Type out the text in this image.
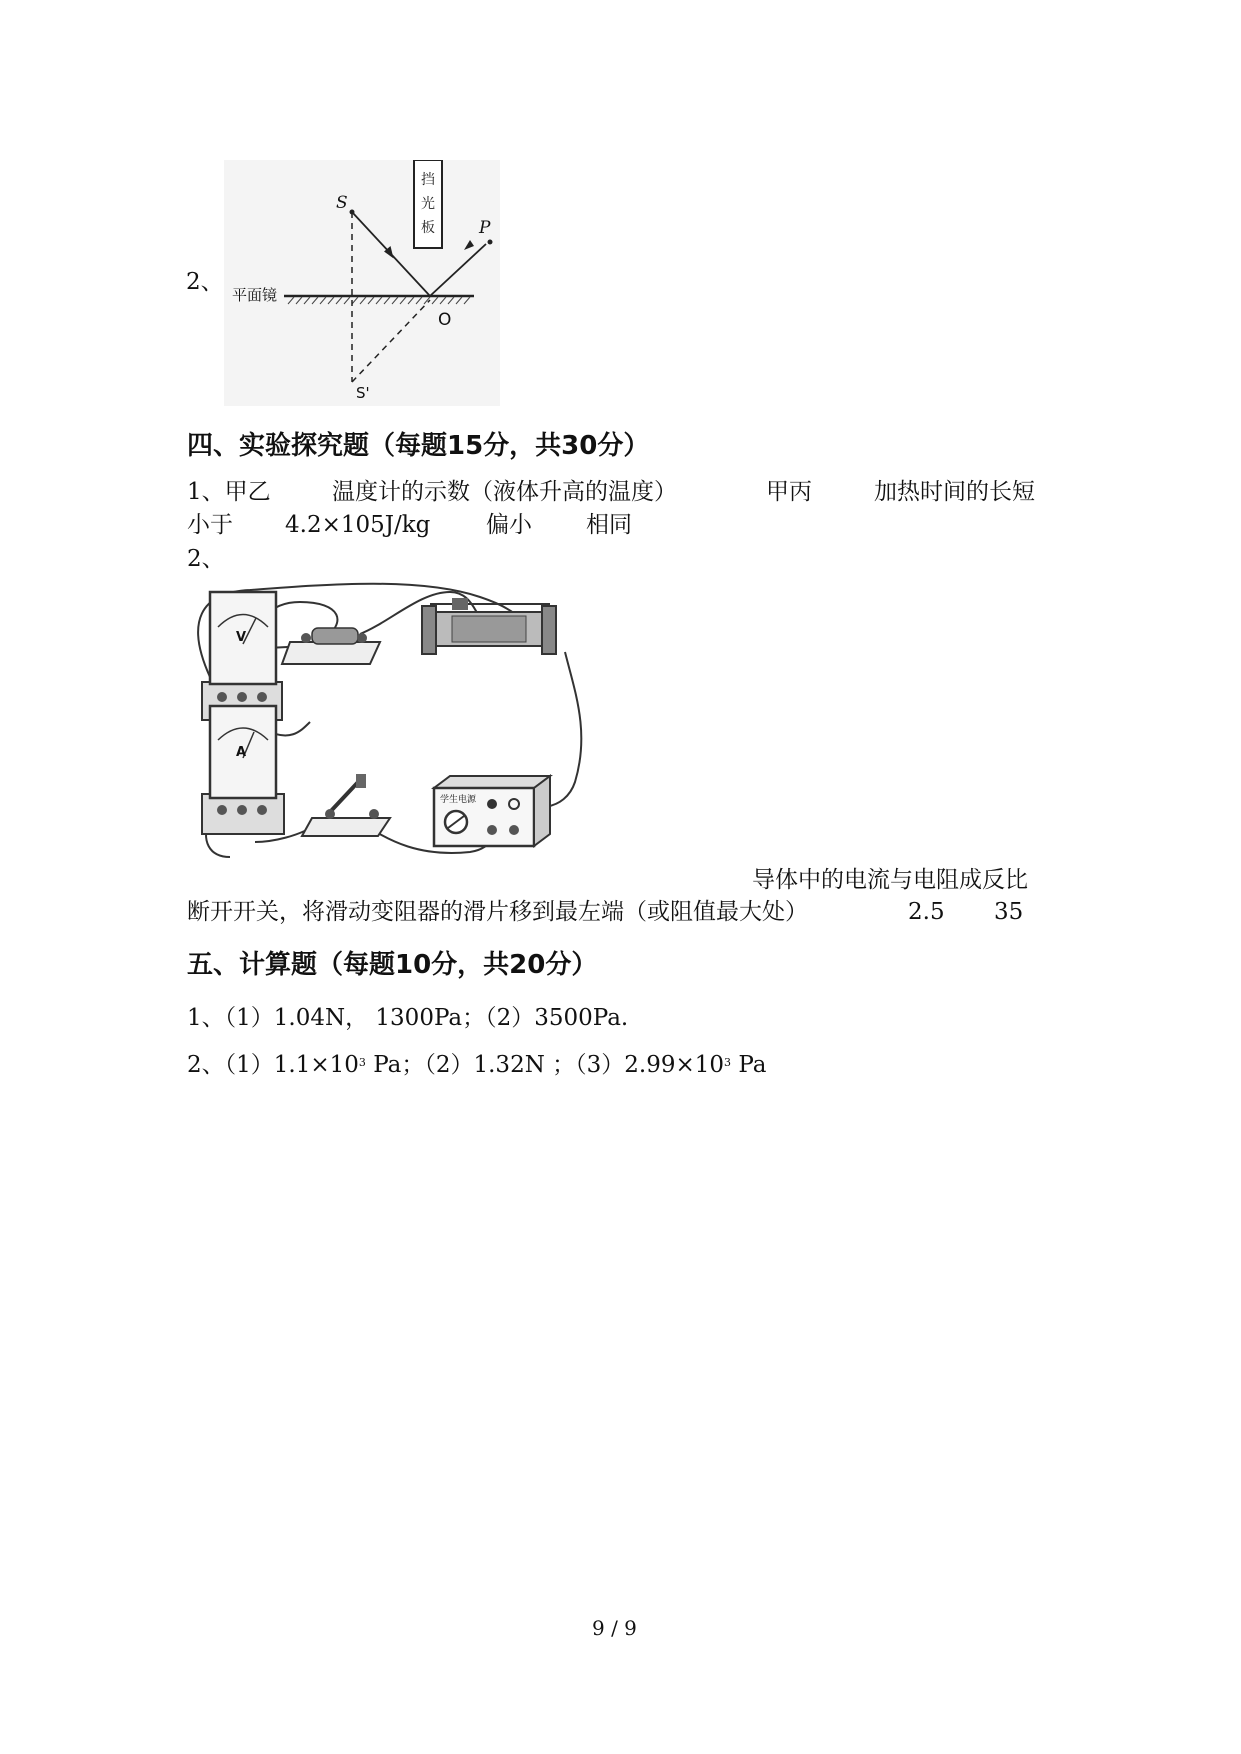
2、
挡
光
板
平面镜
S
P
O
S'
四、实验探究题（每题15分，共30分）
1、甲乙	温度计的示数（液体升高的温度）	甲丙	加热时间的长短
小于 4.2×105J/kg 偏小 相同
2、
V
A
学生电源
导体中的电流与电阻成反比
断开开关，将滑动变阻器的滑片移到最左端（或阻值最大处）	2.5 35
五、计算题（每题10分，共20分）
1、（1）1.04N， 1300Pa；（2）3500Pa.
2、$(1)1.1\times 10^3$ Pa；（2）1.32N ；$(3)2.99\times 10^3$ Pa
9 / 9
